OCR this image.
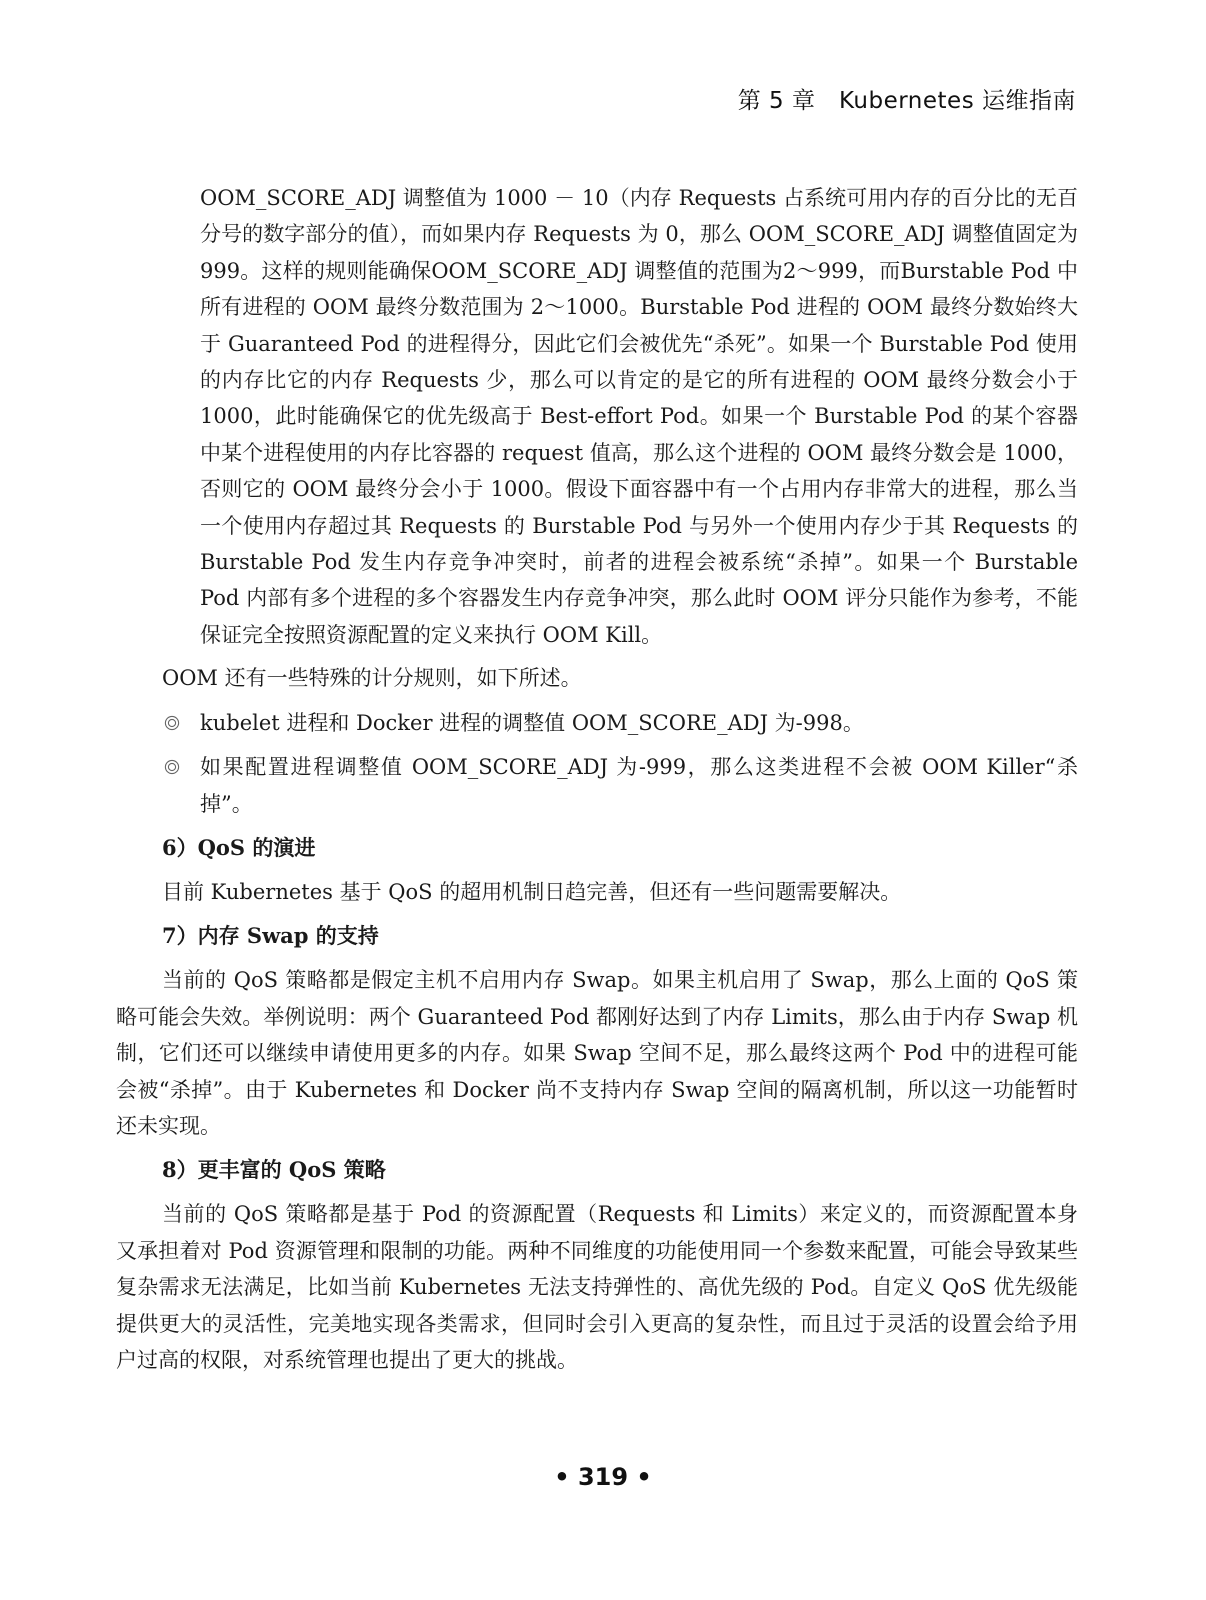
第 5 章　Kubernetes 运维指南

OOM_SCORE_ADJ 调整值为 1000 － 10（内存 Requests 占系统可用内存的百分比的无百分号的数字部分的值），而如果内存 Requests 为 0，那么 OOM_SCORE_ADJ 调整值固定为999。这样的规则能确保OOM_SCORE_ADJ 调整值的范围为2～999，而Burstable Pod 中所有进程的 OOM 最终分数范围为 2～1000。Burstable Pod 进程的 OOM 最终分数始终大于 Guaranteed Pod 的进程得分，因此它们会被优先“杀死”。如果一个 Burstable Pod 使用的内存比它的内存 Requests 少，那么可以肯定的是它的所有进程的 OOM 最终分数会小于 1000，此时能确保它的优先级高于 Best-effort Pod。如果一个 Burstable Pod 的某个容器中某个进程使用的内存比容器的 request 值高，那么这个进程的 OOM 最终分数会是 1000，否则它的 OOM 最终分会小于 1000。假设下面容器中有一个占用内存非常大的进程，那么当一个使用内存超过其 Requests 的 Burstable Pod 与另外一个使用内存少于其 Requests 的 Burstable Pod 发生内存竞争冲突时，前者的进程会被系统“杀掉”。如果一个 Burstable Pod 内部有多个进程的多个容器发生内存竞争冲突，那么此时 OOM 评分只能作为参考，不能保证完全按照资源配置的定义来执行 OOM Kill。

OOM 还有一些特殊的计分规则，如下所述。

kubelet 进程和 Docker 进程的调整值 OOM_SCORE_ADJ 为-998。
如果配置进程调整值 OOM_SCORE_ADJ 为-999，那么这类进程不会被 OOM Killer“杀掉”。
6）QoS 的演进

目前 Kubernetes 基于 QoS 的超用机制日趋完善，但还有一些问题需要解决。

7）内存 Swap 的支持

当前的 QoS 策略都是假定主机不启用内存 Swap。如果主机启用了 Swap，那么上面的 QoS 策略可能会失效。举例说明：两个 Guaranteed Pod 都刚好达到了内存 Limits，那么由于内存 Swap 机制，它们还可以继续申请使用更多的内存。如果 Swap 空间不足，那么最终这两个 Pod 中的进程可能会被“杀掉”。由于 Kubernetes 和 Docker 尚不支持内存 Swap 空间的隔离机制，所以这一功能暂时还未实现。

8）更丰富的 QoS 策略

当前的 QoS 策略都是基于 Pod 的资源配置（Requests 和 Limits）来定义的，而资源配置本身又承担着对 Pod 资源管理和限制的功能。两种不同维度的功能使用同一个参数来配置，可能会导致某些复杂需求无法满足，比如当前 Kubernetes 无法支持弹性的、高优先级的 Pod。自定义 QoS 优先级能提供更大的灵活性，完美地实现各类需求，但同时会引入更高的复杂性，而且过于灵活的设置会给予用户过高的权限，对系统管理也提出了更大的挑战。

• 319 •
